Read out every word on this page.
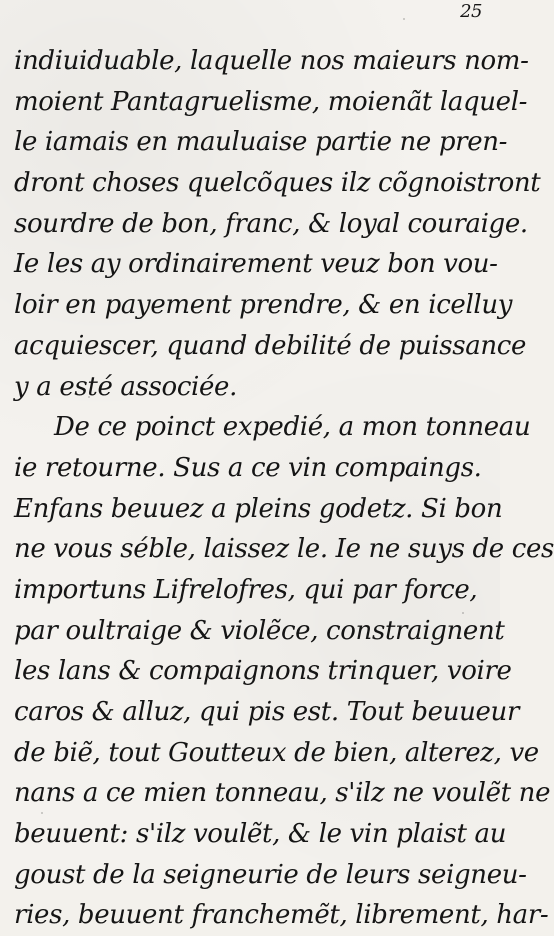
25
indiuiduable, laquelle nos maieurs nom-
moient Pantagruelisme, moienãt laquel-
le iamais en mauluaise partie ne pren-
dront choses quelcõques ilz cõgnoistront
sourdre de bon, franc, & loyal couraige.
Ie les ay ordinairement veuz bon vou-
loir en payement prendre, & en icelluy
acquiescer, quand debilité de puissance
y a esté associée.
De ce poinct expedié, a mon tonneau
ie retourne. Sus a ce vin compaings.
Enfans beuuez a pleins godetz. Si bon
ne vous séble, laissez le. Ie ne suys de ces
importuns Lifrelofres, qui par force,
par oultraige & violẽce, constraignent
les lans & compaignons trinquer, voire
caros & alluz, qui pis est. Tout beuueur
de biẽ, tout Goutteux de bien, alterez, ve
nans a ce mien tonneau, s'ilz ne voulẽt ne
beuuent: s'ilz voulẽt, & le vin plaist au
goust de la seigneurie de leurs seigneu-
ries, beuuent franchemẽt, librement, har-
